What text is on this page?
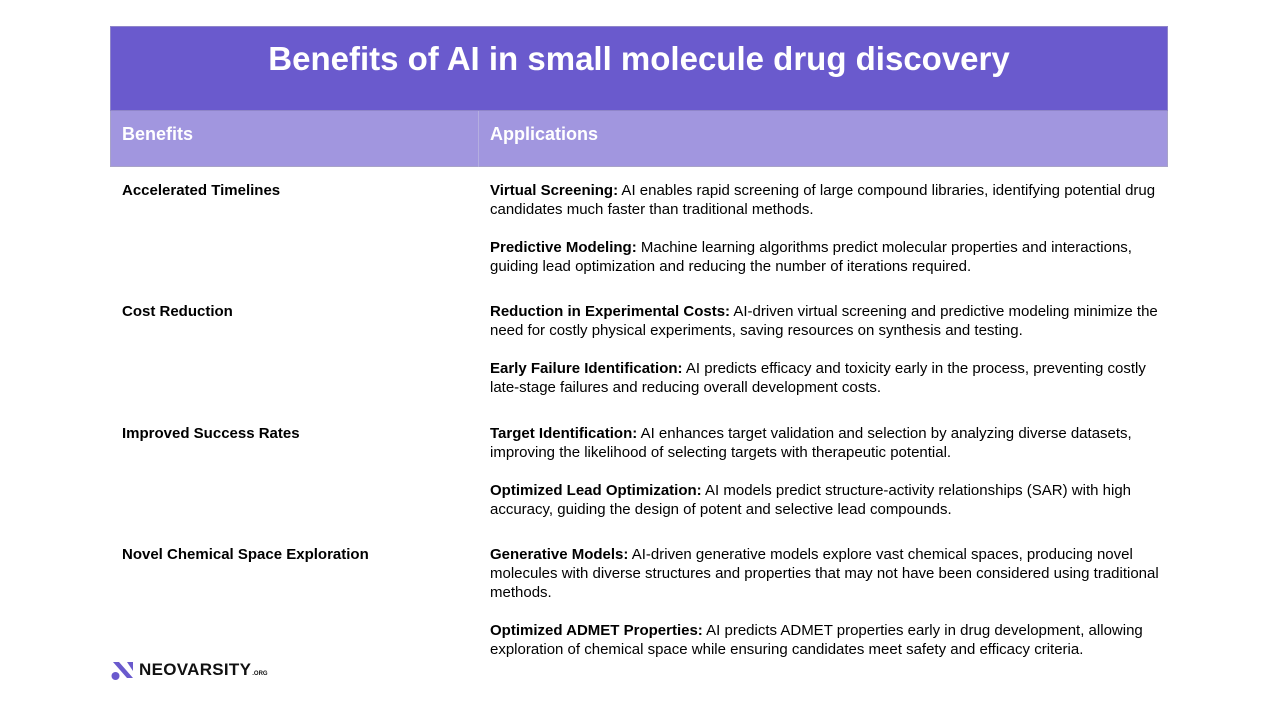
Benefits of AI in small molecule drug discovery
Benefits	Applications
Accelerated Timelines	Virtual Screening: AI enables rapid screening of large compound libraries, identifying potential drug candidates much faster than traditional methods.

Predictive Modeling: Machine learning algorithms predict molecular properties and interactions, guiding lead optimization and reducing the number of iterations required.

Cost Reduction	Reduction in Experimental Costs: AI-driven virtual screening and predictive modeling minimize the need for costly physical experiments, saving resources on synthesis and testing.

Early Failure Identification: AI predicts efficacy and toxicity early in the process, preventing costly late-stage failures and reducing overall development costs.

Improved Success Rates	Target Identification: AI enhances target validation and selection by analyzing diverse datasets, improving the likelihood of selecting targets with therapeutic potential.

Optimized Lead Optimization: AI models predict structure-activity relationships (SAR) with high accuracy, guiding the design of potent and selective lead compounds.

Novel Chemical Space Exploration	Generative Models: AI-driven generative models explore vast chemical spaces, producing novel molecules with diverse structures and properties that may not have been considered using traditional methods.

Optimized ADMET Properties: AI predicts ADMET properties early in drug development, allowing exploration of chemical space while ensuring candidates meet safety and efficacy criteria.

NEOVARSITY .ORG
